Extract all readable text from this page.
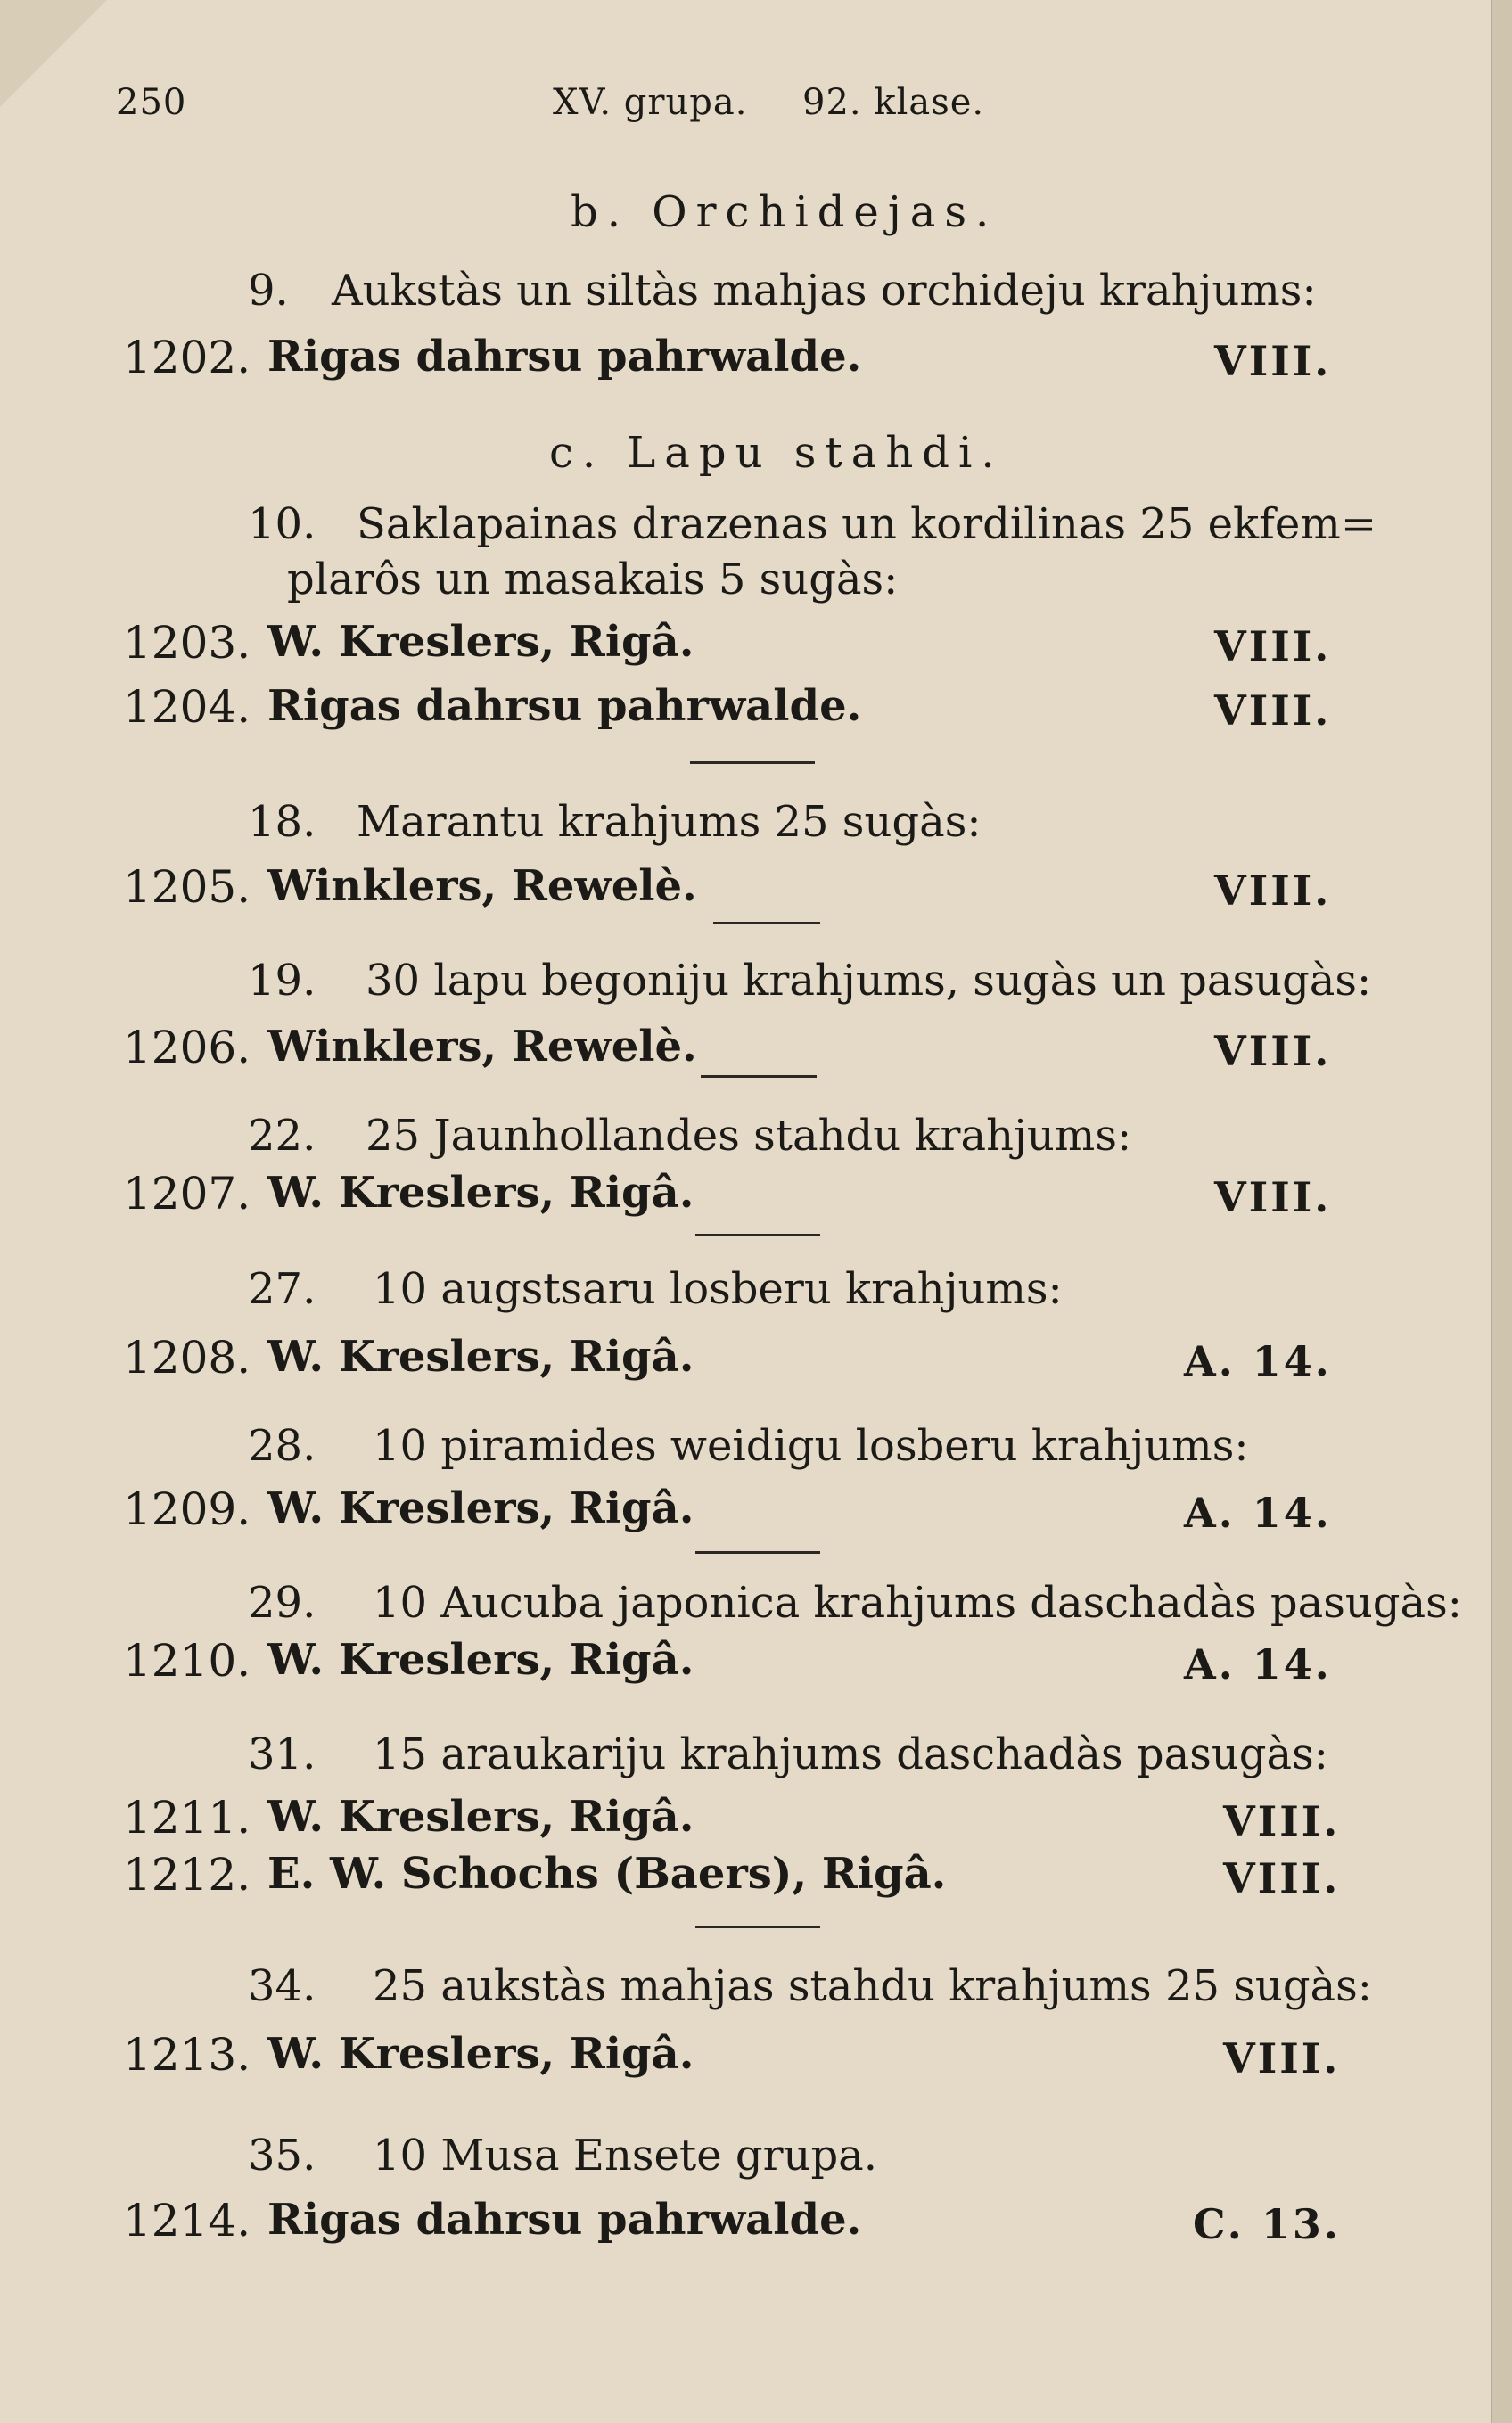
250	XV. grupa. 92. klase.
b. Orchidejas.
9. Aukstàs un siltàs mahjas orchideju krahjums:
1202. Rigas dahrsu pahrwalde.	VIII.
c. Lapu stahdi.
10. Saklapainas drazenas un kordilinas 25 ekfem=
plarôs un masakais 5 sugàs:
1203. W. Kreslers, Rigâ.	VIII.
1204. Rigas dahrsu pahrwalde.	VIII.
18. Marantu krahjums 25 sugàs:
1205. Winklers, Rewelè.	VIII.
19. 30 lapu begoniju krahjums, sugàs un pasugàs:
1206. Winklers, Rewelè.	VIII.
22. 25 Jaunhollandes stahdu krahjums:
1207. W. Kreslers, Rigâ.	VIII.
27. 10 augstsaru losberu krahjums:
1208. W. Kreslers, Rigâ.	A. 14.
28. 10 piramides weidigu losberu krahjums:
1209. W. Kreslers, Rigâ.	A. 14.
29. 10 Aucuba japonica krahjums daschadàs pasugàs:
1210. W. Kreslers, Rigâ.	A. 14.
31. 15 araukariju krahjums daschadàs pasugàs:
1211. W. Kreslers, Rigâ.	VIII.
1212. E. W. Schochs (Baers), Rigâ.	VIII.
34. 25 aukstàs mahjas stahdu krahjums 25 sugàs:
1213. W. Kreslers, Rigâ.	VIII.
35. 10 Musa Ensete grupa.
1214. Rigas dahrsu pahrwalde.	C. 13.
